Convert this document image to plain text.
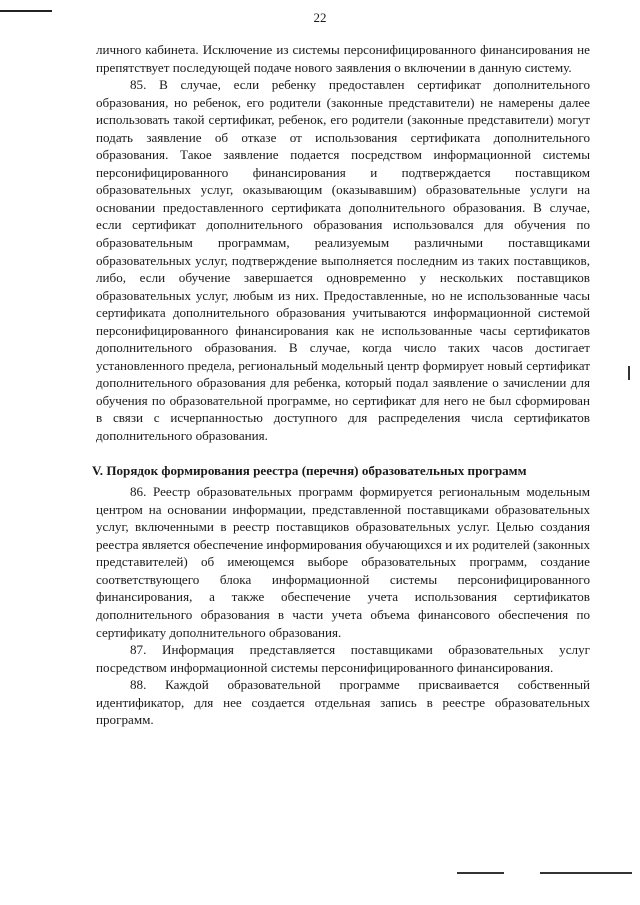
22

личного кабинета. Исключение из системы персонифицированного финансирования не препятствует последующей подаче нового заявления о включении в данную систему.

85. В случае, если ребенку предоставлен сертификат дополнительного образования, но ребенок, его родители (законные представители) не намерены далее использовать такой сертификат, ребенок, его родители (законные представители) могут подать заявление об отказе от использования сертификата дополнительного образования. Такое заявление подается посредством информационной системы персонифицированного финансирования и подтверждается поставщиком образовательных услуг, оказывающим (оказывавшим) образовательные услуги на основании предоставленного сертификата дополнительного образования. В случае, если сертификат дополнительного образования использовался для обучения по образовательным программам, реализуемым различными поставщиками образовательных услуг, подтверждение выполняется последним из таких поставщиков, либо, если обучение завершается одновременно у нескольких поставщиков образовательных услуг, любым из них. Предоставленные, но не использованные часы сертификата дополнительного образования учитываются информационной системой персонифицированного финансирования как не использованные часы сертификатов дополнительного образования. В случае, когда число таких часов достигает установленного предела, региональный модельный центр формирует новый сертификат дополнительного образования для ребенка, который подал заявление о зачислении для обучения по образовательной программе, но сертификат для него не был сформирован в связи с исчерпанностью доступного для распределения числа сертификатов дополнительного образования.

V. Порядок формирования реестра (перечня) образовательных программ

86. Реестр образовательных программ формируется региональным модельным центром на основании информации, представленной поставщиками образовательных услуг, включенными в реестр поставщиков образовательных услуг. Целью создания реестра является обеспечение информирования обучающихся и их родителей (законных представителей) об имеющемся выборе образовательных программ, создание соответствующего блока информационной системы персонифицированного финансирования, а также обеспечение учета использования сертификатов дополнительного образования в части учета объема финансового обеспечения по сертификату дополнительного образования.

87. Информация представляется поставщиками образовательных услуг посредством информационной системы персонифицированного финансирования.

88. Каждой образовательной программе присваивается собственный идентификатор, для нее создается отдельная запись в реестре образовательных программ.
